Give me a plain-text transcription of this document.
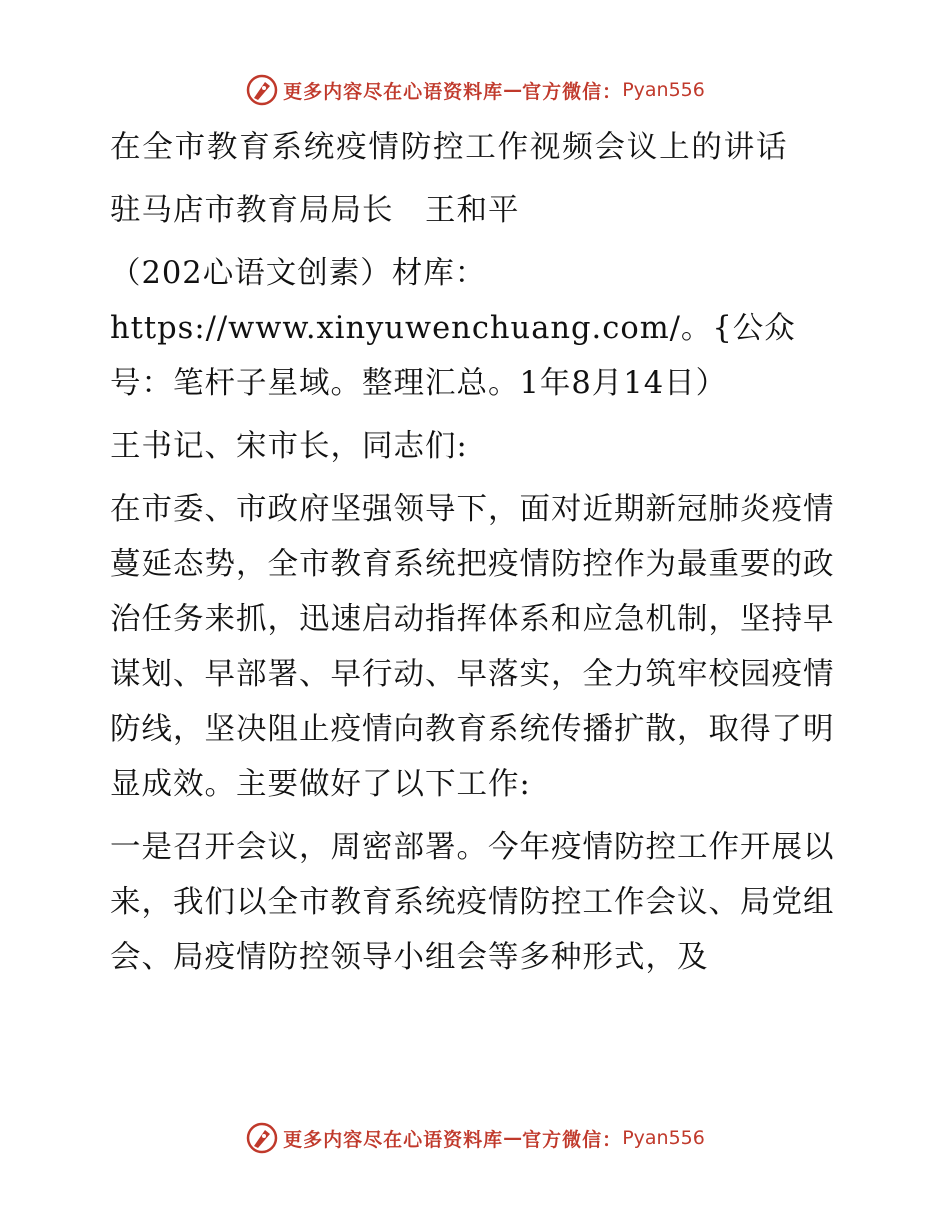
更多内容尽在心语资料库 — 官方微信： Pyan556

在全市教育系统疫情防控工作视频会议上的讲话

驻马店市教育局局长　王和平

（202心语文创素）材库：https://www.xinyuwenchuang.com/。{公众号：笔杆子星域。整理汇总。1年8月14日）

王书记、宋市长，同志们:

在市委、市政府坚强领导下，面对近期新冠肺炎疫情蔓延态势，全市教育系统把疫情防控作为最重要的政治任务来抓，迅速启动指挥体系和应急机制，坚持早谋划、早部署、早行动、早落实，全力筑牢校园疫情防线，坚决阻止疫情向教育系统传播扩散，取得了明显成效。主要做好了以下工作:

一是召开会议，周密部署。今年疫情防控工作开展以来，我们以全市教育系统疫情防控工作会议、局党组会、局疫情防控领导小组会等多种形式，及

更多内容尽在心语资料库 — 官方微信： Pyan556
